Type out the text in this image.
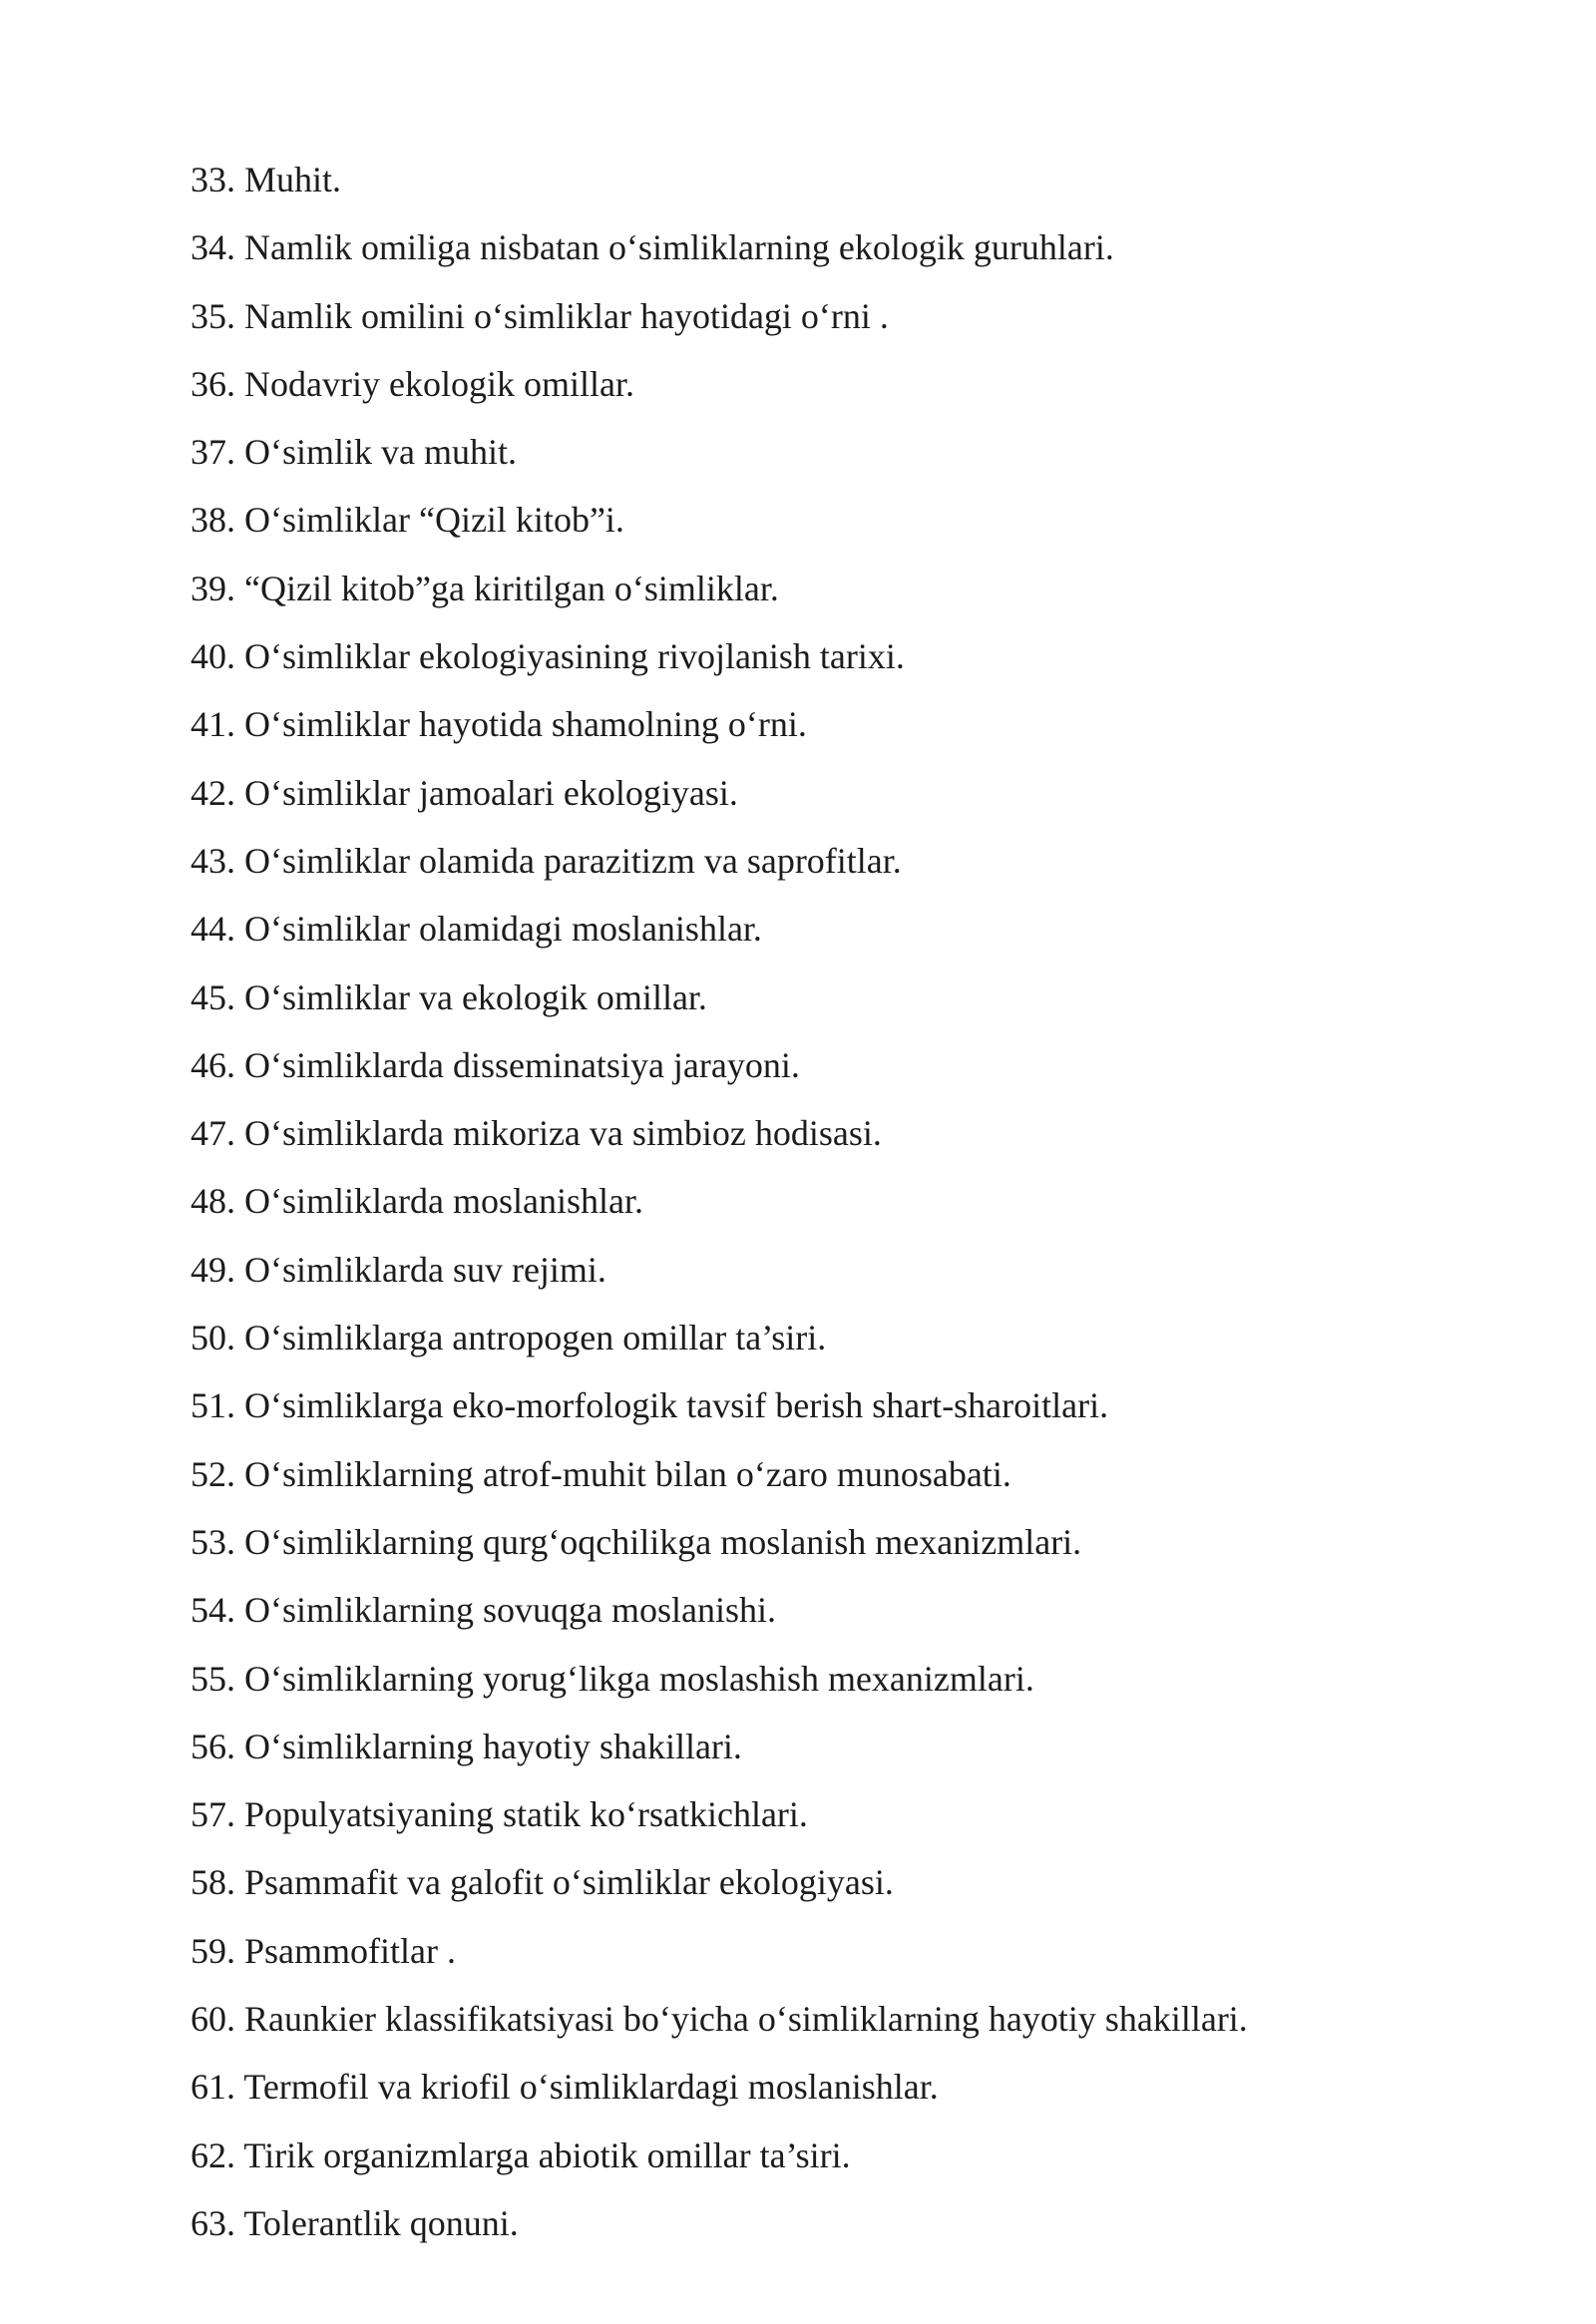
33. Muhit.
34. Namlik omiliga nisbatan o‘simliklarning ekologik guruhlari.
35. Namlik omilini o‘simliklar hayotidagi o‘rni .
36. Nodavriy ekologik omillar.
37. O‘simlik va muhit.
38. O‘simliklar “Qizil kitob”i.
39. “Qizil kitob”ga kiritilgan o‘simliklar.
40. O‘simliklar ekologiyasining rivojlanish tarixi.
41. O‘simliklar hayotida shamolning o‘rni.
42. O‘simliklar jamoalari ekologiyasi.
43. O‘simliklar olamida parazitizm va saprofitlar.
44. O‘simliklar olamidagi moslanishlar.
45. O‘simliklar va ekologik omillar.
46. O‘simliklarda disseminatsiya jarayoni.
47. O‘simliklarda mikoriza va simbioz hodisasi.
48. O‘simliklarda moslanishlar.
49. O‘simliklarda suv rejimi.
50. O‘simliklarga antropogen omillar ta’siri.
51. O‘simliklarga eko-morfologik tavsif berish shart-sharoitlari.
52. O‘simliklarning atrof-muhit bilan o‘zaro munosabati.
53. O‘simliklarning qurg‘oqchilikga moslanish mexanizmlari.
54. O‘simliklarning sovuqga moslanishi.
55. O‘simliklarning yorug‘likga moslashish mexanizmlari.
56. O‘simliklarning hayotiy shakillari.
57. Populyatsiyaning statik ko‘rsatkichlari.
58. Psammafit va galofit o‘simliklar ekologiyasi.
59. Psammofitlar .
60. Raunkier klassifikatsiyasi bo‘yicha o‘simliklarning hayotiy shakillari.
61. Termofil va kriofil o‘simliklardagi moslanishlar.
62. Tirik organizmlarga abiotik omillar ta’siri.
63. Tolerantlik qonuni.
